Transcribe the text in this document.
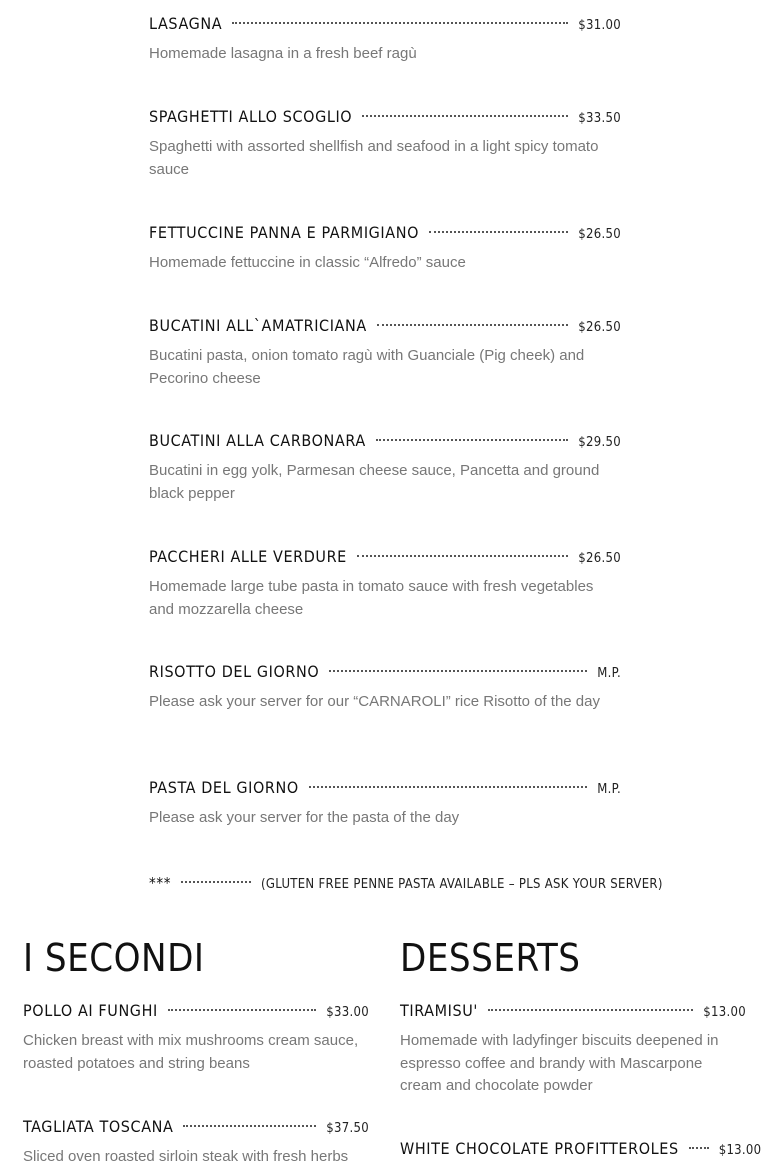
LASAGNA	$31.00
Homemade lasagna in a fresh beef ragù
SPAGHETTI ALLO SCOGLIO	$33.50
Spaghetti with assorted shellfish and seafood in a light spicy tomato sauce
FETTUCCINE PANNA E PARMIGIANO	$26.50
Homemade fettuccine in classic “Alfredo” sauce
BUCATINI ALL`AMATRICIANA	$26.50
Bucatini pasta, onion tomato ragù with Guanciale (Pig cheek) and Pecorino cheese
BUCATINI ALLA CARBONARA	$29.50
Bucatini in egg yolk, Parmesan cheese sauce, Pancetta and ground black pepper
PACCHERI ALLE VERDURE	$26.50
Homemade large tube pasta in tomato sauce with fresh vegetables and mozzarella cheese
RISOTTO DEL GIORNO	M.P.
Please ask your server for our “CARNAROLI” rice Risotto of the day
PASTA DEL GIORNO	M.P.
Please ask your server for the pasta of the day
***	(GLUTEN FREE PENNE PASTA AVAILABLE – PLS ASK YOUR SERVER)
I SECONDI
POLLO AI FUNGHI	$33.00
Chicken breast with mix mushrooms cream sauce, roasted potatoes and string beans
TAGLIATA TOSCANA	$37.50
Sliced oven roasted sirloin steak with fresh herbs
DESSERTS
TIRAMISU'	$13.00
Homemade with ladyfinger biscuits deepened in espresso coffee and brandy with Mascarpone cream and chocolate powder
WHITE CHOCOLATE PROFITTEROLES	$13.00
